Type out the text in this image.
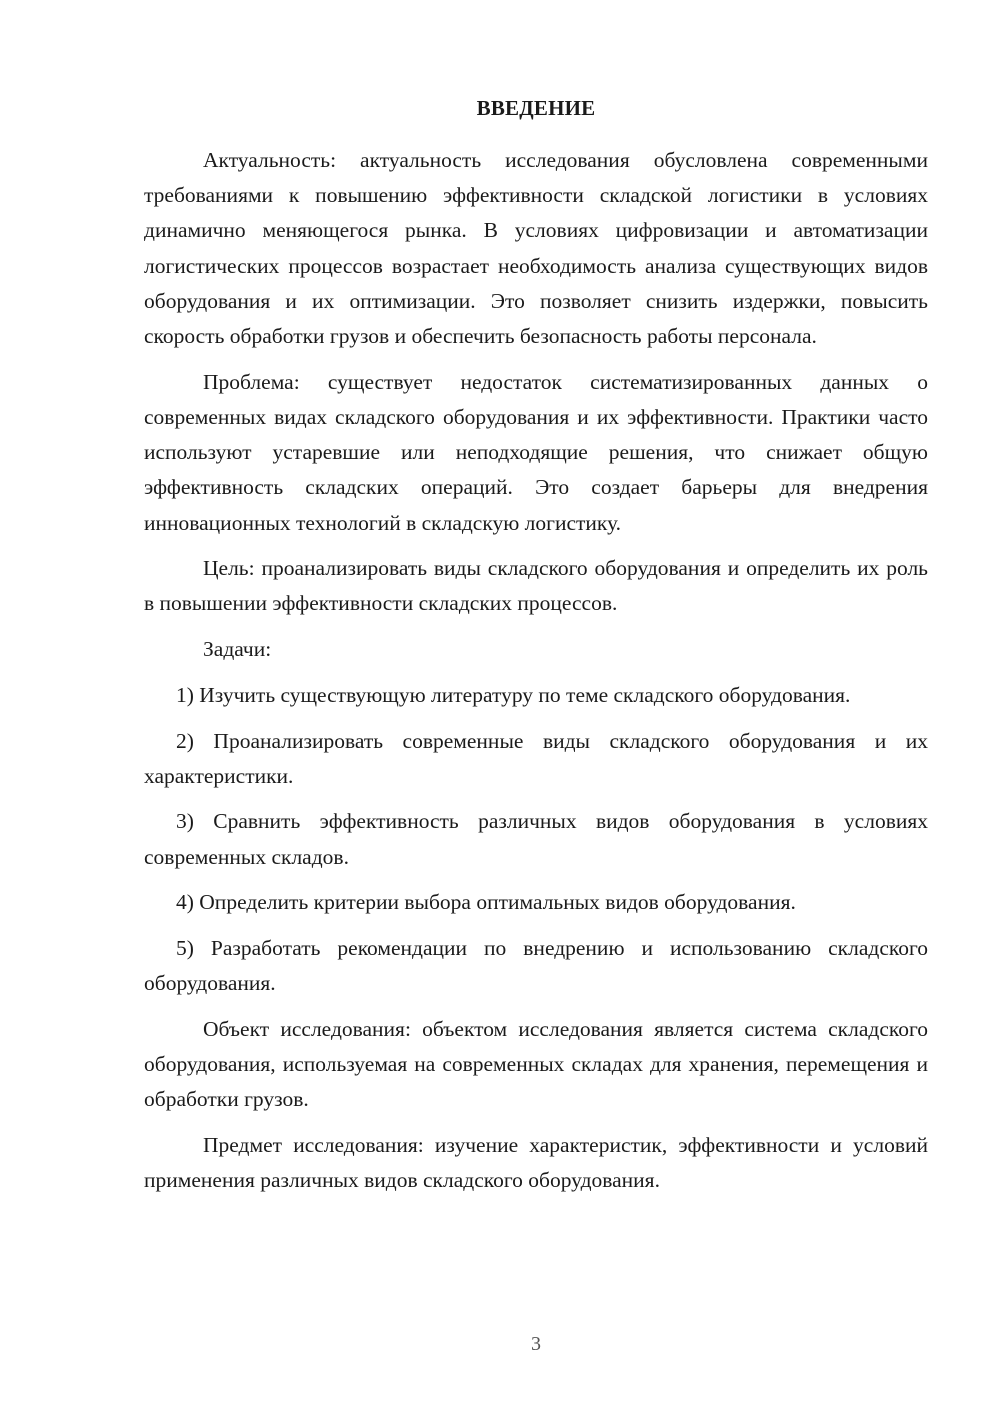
ВВЕДЕНИЕ

Актуальность: актуальность исследования обусловлена современными требованиями к повышению эффективности складской логистики в условиях динамично меняющегося рынка. В условиях цифровизации и автоматизации логистических процессов возрастает необходимость анализа существующих видов оборудования и их оптимизации. Это позволяет снизить издержки, повысить скорость обработки грузов и обеспечить безопасность работы персонала.

Проблема: существует недостаток систематизированных данных о современных видах складского оборудования и их эффективности. Практики часто используют устаревшие или неподходящие решения, что снижает общую эффективность складских операций. Это создает барьеры для внедрения инновационных технологий в складскую логистику.

Цель: проанализировать виды складского оборудования и определить их роль в повышении эффективности складских процессов.

Задачи:

1) Изучить существующую литературу по теме складского оборудования.

2) Проанализировать современные виды складского оборудования и их характеристики.

3) Сравнить эффективность различных видов оборудования в условиях современных складов.

4) Определить критерии выбора оптимальных видов оборудования.

5) Разработать рекомендации по внедрению и использованию складского оборудования.

Объект исследования: объектом исследования является система складского оборудования, используемая на современных складах для хранения, перемещения и обработки грузов.

Предмет исследования: изучение характеристик, эффективности и условий применения различных видов складского оборудования.

3
